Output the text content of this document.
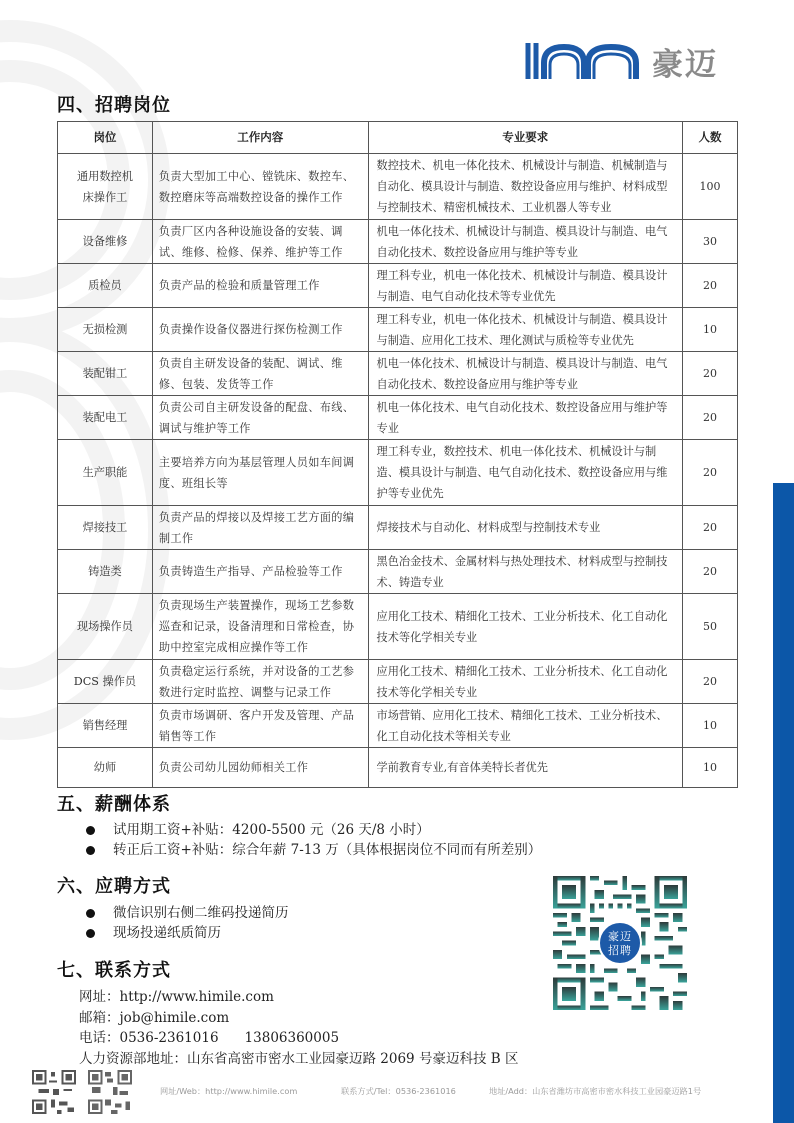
豪迈
四、招聘岗位
岗位	工作内容	专业要求	人数
通用数控机床操作工	负责大型加工中心、镗铣床、数控车、数控磨床等高端数控设备的操作工作	数控技术、机电一体化技术、机械设计与制造、机械制造与自动化、模具设计与制造、数控设备应用与维护、材料成型与控制技术、精密机械技术、工业机器人等专业	100
设备维修	负责厂区内各种设施设备的安装、调试、维修、检修、保养、维护等工作	机电一体化技术、机械设计与制造、模具设计与制造、电气自动化技术、数控设备应用与维护等专业	30
质检员	负责产品的检验和质量管理工作	理工科专业，机电一体化技术、机械设计与制造、模具设计与制造、电气自动化技术等专业优先	20
无损检测	负责操作设备仪器进行探伤检测工作	理工科专业，机电一体化技术、机械设计与制造、模具设计与制造、应用化工技术、理化测试与质检等专业优先	10
装配钳工	负责自主研发设备的装配、调试、维修、包装、发货等工作	机电一体化技术、机械设计与制造、模具设计与制造、电气自动化技术、数控设备应用与维护等专业	20
装配电工	负责公司自主研发设备的配盘、布线、调试与维护等工作	机电一体化技术、电气自动化技术、数控设备应用与维护等专业	20
生产职能	主要培养方向为基层管理人员如车间调度、班组长等	理工科专业，数控技术、机电一体化技术、机械设计与制造、模具设计与制造、电气自动化技术、数控设备应用与维护等专业优先	20
焊接技工	负责产品的焊接以及焊接工艺方面的编制工作	焊接技术与自动化、材料成型与控制技术专业	20
铸造类	负责铸造生产指导、产品检验等工作	黑色冶金技术、金属材料与热处理技术、材料成型与控制技术、铸造专业	20
现场操作员	负责现场生产装置操作，现场工艺参数巡查和记录，设备清理和日常检查，协助中控室完成相应操作等工作	应用化工技术、精细化工技术、工业分析技术、化工自动化技术等化学相关专业	50
DCS 操作员	负责稳定运行系统，并对设备的工艺参数进行定时监控、调整与记录工作	应用化工技术、精细化工技术、工业分析技术、化工自动化技术等化学相关专业	20
销售经理	负责市场调研、客户开发及管理、产品销售等工作	市场营销、应用化工技术、精细化工技术、工业分析技术、化工自动化技术等相关专业	10
幼师	负责公司幼儿园幼师相关工作	学前教育专业,有音体美特长者优先	10
五、薪酬体系
试用期工资+补贴：4200-5500 元（26 天/8 小时）
转正后工资+补贴：综合年薪 7-13 万（具体根据岗位不同而有所差别）
六、应聘方式
微信识别右侧二维码投递简历
现场投递纸质简历	豪迈
招聘
七、联系方式
网址：http://www.himile.com
邮箱：job@himile.com
电话：0536-2361016 13806360005
人力资源部地址：山东省高密市密水工业园豪迈路 2069 号豪迈科技 B 区
网址/Web：http://www.himile.com	联系方式/Tel：0536-2361016	地址/Add：山东省潍坊市高密市密水科技工业园豪迈路1号
